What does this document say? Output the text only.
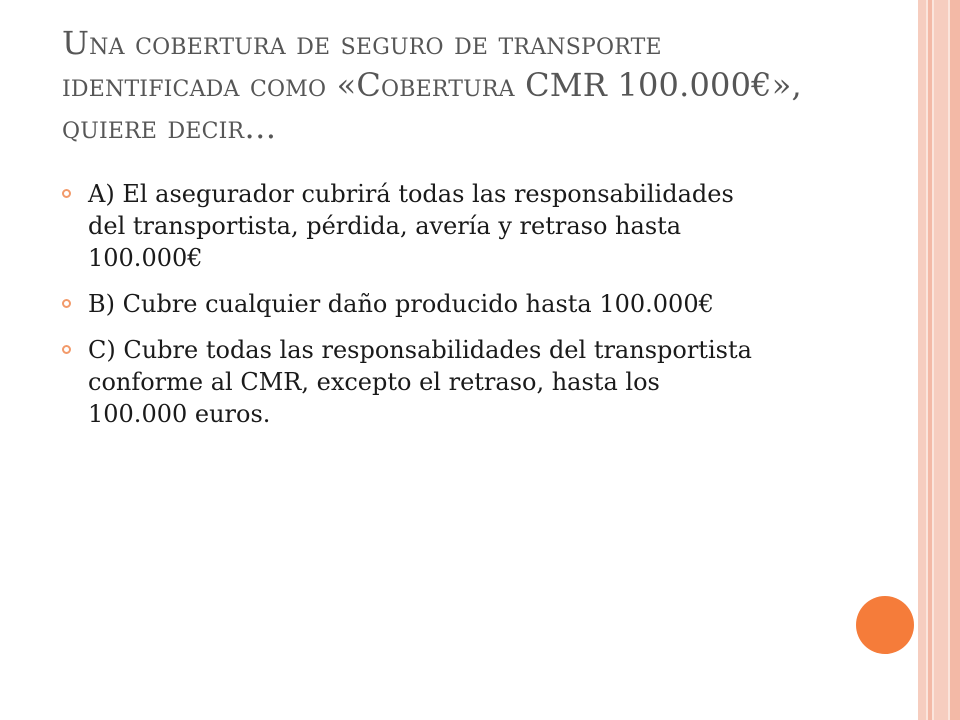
Una cobertura de seguro de transporte identificada como «Cobertura CMR 100.000€», quiere decir…
A) El asegurador cubrirá todas las responsabilidades del transportista, pérdida, avería y retraso hasta 100.000€
B) Cubre cualquier daño producido hasta 100.000€
C) Cubre todas las responsabilidades del transportista conforme al CMR, excepto el retraso, hasta los 100.000 euros.
